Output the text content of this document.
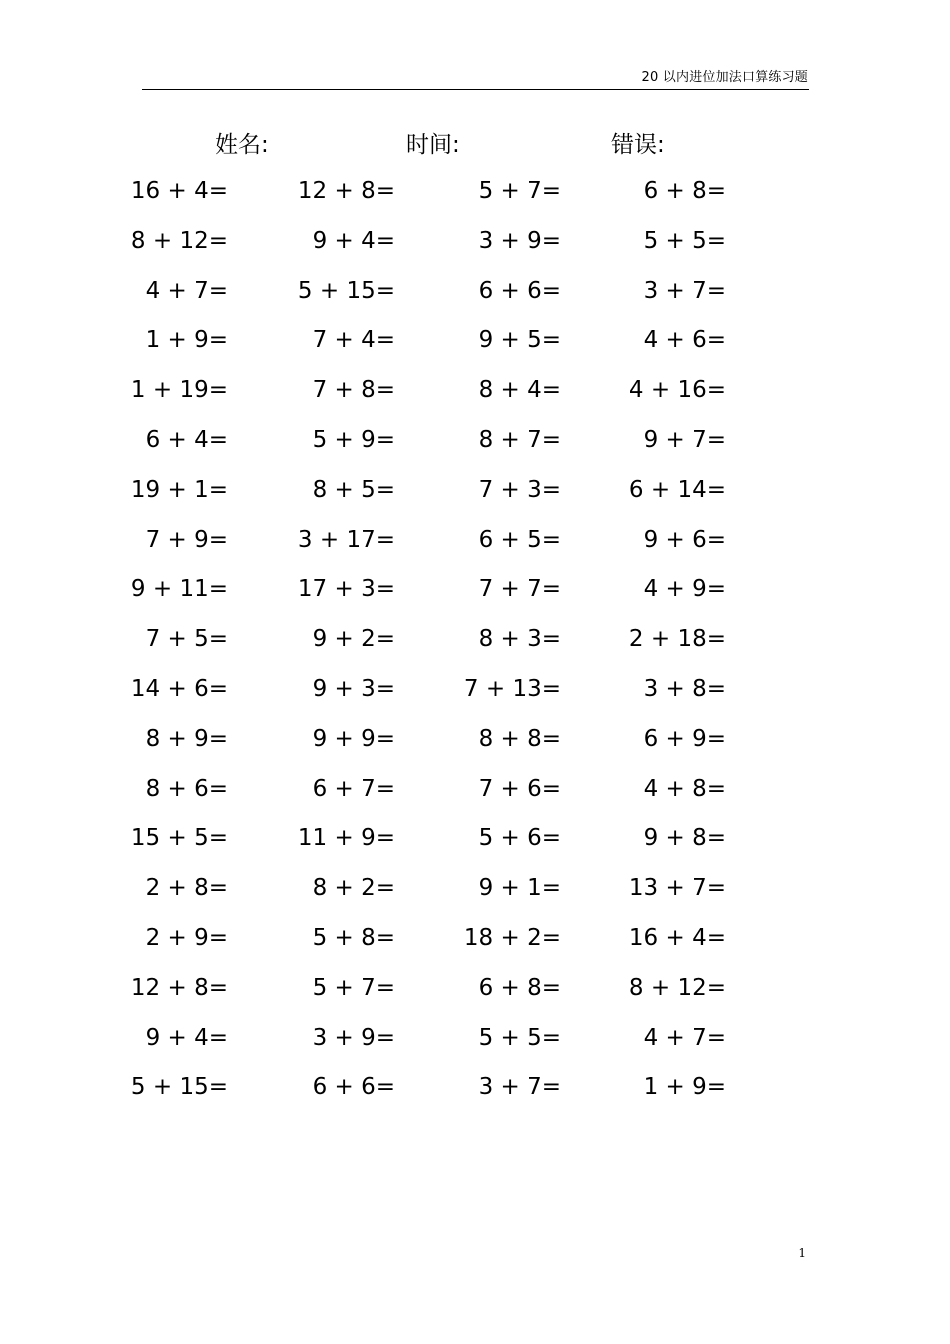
20 以内进位加法口算练习题
姓名:	时间:	错误:
16 + 4=	12 + 8=	5 + 7=	6 + 8=
8 + 12=	9 + 4=	3 + 9=	5 + 5=
4 + 7=	5 + 15=	6 + 6=	3 + 7=
1 + 9=	7 + 4=	9 + 5=	4 + 6=
1 + 19=	7 + 8=	8 + 4=	4 + 16=
6 + 4=	5 + 9=	8 + 7=	9 + 7=
19 + 1=	8 + 5=	7 + 3=	6 + 14=
7 + 9=	3 + 17=	6 + 5=	9 + 6=
9 + 11=	17 + 3=	7 + 7=	4 + 9=
7 + 5=	9 + 2=	8 + 3=	2 + 18=
14 + 6=	9 + 3=	7 + 13=	3 + 8=
8 + 9=	9 + 9=	8 + 8=	6 + 9=
8 + 6=	6 + 7=	7 + 6=	4 + 8=
15 + 5=	11 + 9=	5 + 6=	9 + 8=
2 + 8=	8 + 2=	9 + 1=	13 + 7=
2 + 9=	5 + 8=	18 + 2=	16 + 4=
12 + 8=	5 + 7=	6 + 8=	8 + 12=
9 + 4=	3 + 9=	5 + 5=	4 + 7=
5 + 15=	6 + 6=	3 + 7=	1 + 9=
1
